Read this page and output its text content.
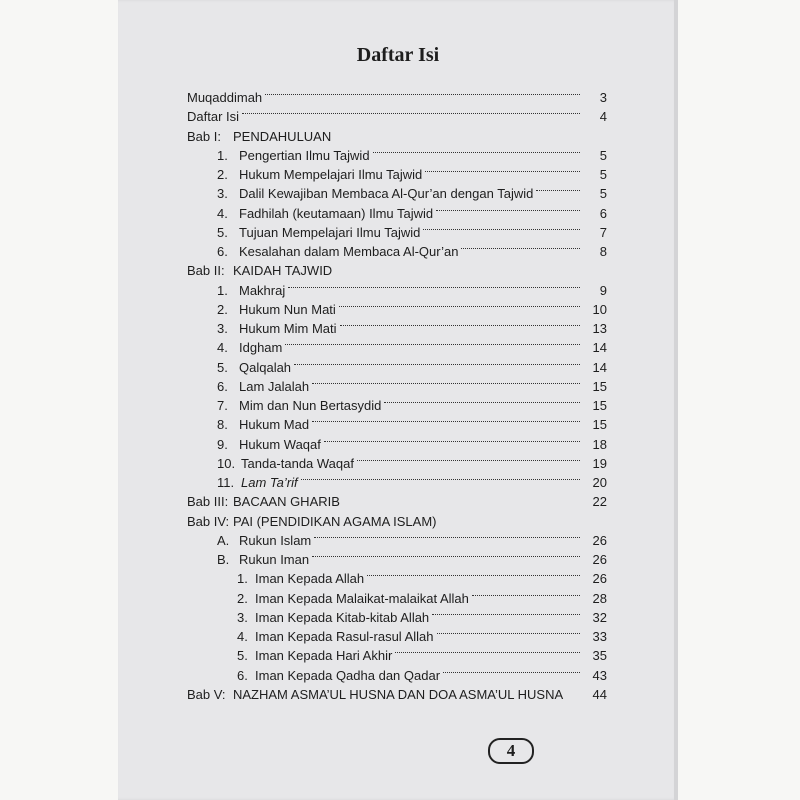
Daftar Isi
4
Muqaddimah	3
Daftar Isi	4
Bab I: PENDAHULUAN
1. Pengertian Ilmu Tajwid	5
2. Hukum Mempelajari Ilmu Tajwid	5
3. Dalil Kewajiban Membaca Al-Qur’an dengan Tajwid	5
4. Fadhilah (keutamaan) Ilmu Tajwid	6
5. Tujuan Mempelajari Ilmu Tajwid	7
6. Kesalahan dalam Membaca Al-Qur’an	8
Bab II: KAIDAH TAJWID
1. Makhraj	9
2. Hukum Nun Mati	10
3. Hukum Mim Mati	13
4. Idgham	14
5. Qalqalah	14
6. Lam Jalalah	15
7. Mim dan Nun Bertasydid	15
8. Hukum Mad	15
9. Hukum Waqaf	18
10. Tanda-tanda Waqaf	19
11. Lam Ta’rif	20
Bab III: BACAAN GHARIB	22
Bab IV: PAI (PENDIDIKAN AGAMA ISLAM)
A. Rukun Islam	26
B. Rukun Iman	26
1. Iman Kepada Allah	26
2. Iman Kepada Malaikat-malaikat Allah	28
3. Iman Kepada Kitab-kitab Allah	32
4. Iman Kepada Rasul-rasul Allah	33
5. Iman Kepada Hari Akhir	35
6. Iman Kepada Qadha dan Qadar	43
Bab V: NAZHAM ASMA’UL HUSNA DAN DOA ASMA’UL HUSNA	44
